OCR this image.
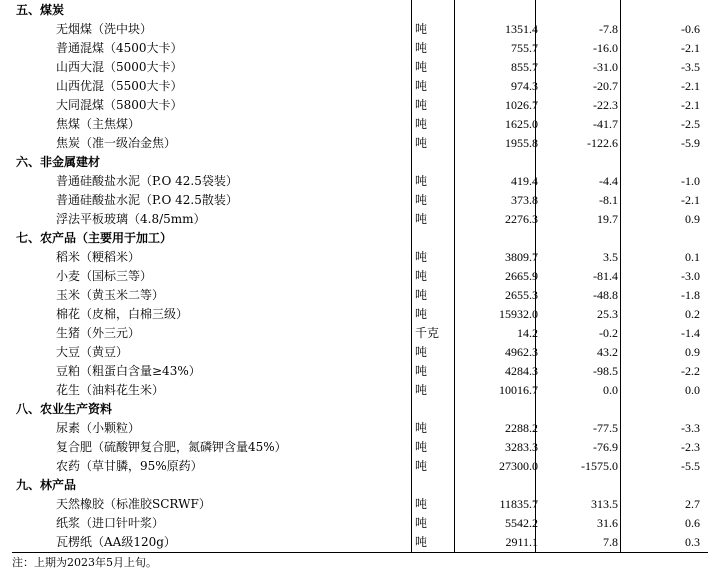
五、煤炭
无烟煤（洗中块）	吨	1351.4	-7.8	-0.6
普通混煤（4500大卡）	吨	755.7	-16.0	-2.1
山西大混（5000大卡）	吨	855.7	-31.0	-3.5
山西优混（5500大卡）	吨	974.3	-20.7	-2.1
大同混煤（5800大卡）	吨	1026.7	-22.3	-2.1
焦煤（主焦煤）	吨	1625.0	-41.7	-2.5
焦炭（准一级冶金焦）	吨	1955.8	-122.6	-5.9
六、非金属建材
普通硅酸盐水泥（P.O 42.5袋装）	吨	419.4	-4.4	-1.0
普通硅酸盐水泥（P.O 42.5散装）	吨	373.8	-8.1	-2.1
浮法平板玻璃（4.8/5mm）	吨	2276.3	19.7	0.9
七、农产品（主要用于加工）
稻米（粳稻米）	吨	3809.7	3.5	0.1
小麦（国标三等）	吨	2665.9	-81.4	-3.0
玉米（黄玉米二等）	吨	2655.3	-48.8	-1.8
棉花（皮棉，白棉三级）	吨	15932.0	25.3	0.2
生猪（外三元）	千克	14.2	-0.2	-1.4
大豆（黄豆）	吨	4962.3	43.2	0.9
豆粕（粗蛋白含量≥43%）	吨	4284.3	-98.5	-2.2
花生（油料花生米）	吨	10016.7	0.0	0.0
八、农业生产资料
尿素（小颗粒）	吨	2288.2	-77.5	-3.3
复合肥（硫酸钾复合肥，氮磷钾含量45%）	吨	3283.3	-76.9	-2.3
农药（草甘膦，95%原药）	吨	27300.0	-1575.0	-5.5
九、林产品
天然橡胶（标准胶SCRWF）	吨	11835.7	313.5	2.7
纸浆（进口针叶浆）	吨	5542.2	31.6	0.6
瓦楞纸（AA级120g）	吨	2911.1	7.8	0.3
注：上期为2023年5月上旬。
